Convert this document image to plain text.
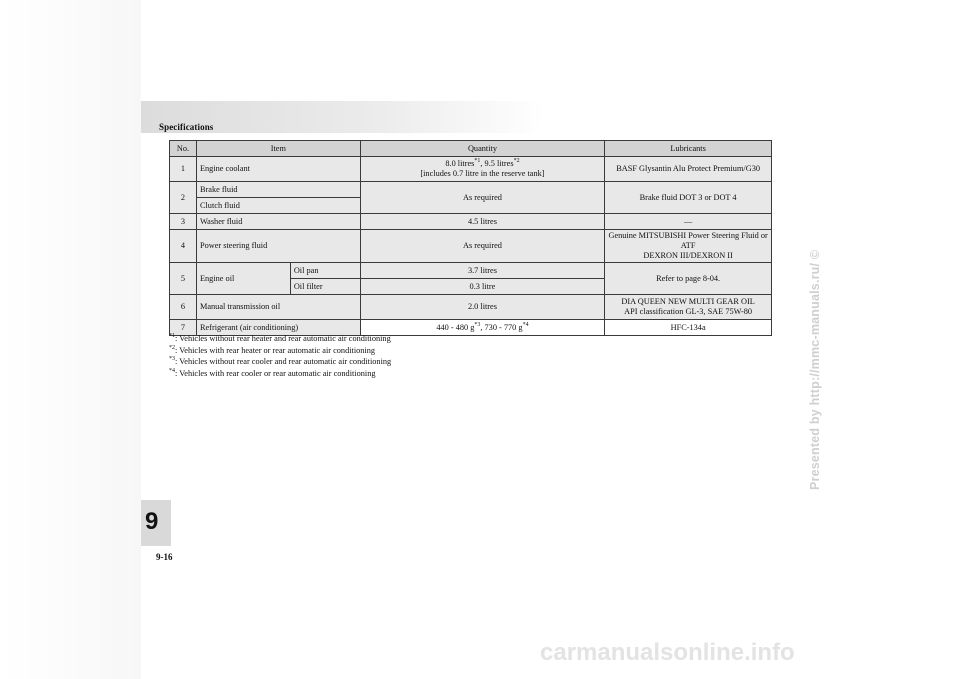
Specifications
No.	Item		Quantity	Lubricants
1	Engine coolant		8.0 litres$^{*1}$, 9.5 litres$^{*2}$
[includes 0.7 litre in the reserve tank]	BASF Glysantin Alu Protect Premium/G30
2	Brake fluid		As required	Brake fluid DOT 3 or DOT 4
	Clutch fluid			
3	Washer fluid		4.5 litres	—
4	Power steering fluid		As required	Genuine MITSUBISHI Power Steering Fluid or ATF
DEXRON III/DEXRON II
5	Engine oil	Oil pan	3.7 litres	Refer to page 8-04.
		Oil filter	0.3 litre	
6	Manual transmission oil		2.0 litres	DIA QUEEN NEW MULTI GEAR OIL
API classification GL-3, SAE 75W-80
7	Refrigerant (air conditioning)		440 - 480 $g^{*3}$, 730 - 770 $g^{*4}$	HFC-134a
$^{*1}$: Vehicles without rear heater and rear automatic air conditioning
$^{*2}$: Vehicles with rear heater or rear automatic air conditioning
$^{*3}$: Vehicles without rear cooler and rear automatic air conditioning
$^{*4}$: Vehicles with rear cooler or rear automatic air conditioning
9
9-16
Presented by http://mmc-manuals.ru/ ©
carmanualsonline.info
